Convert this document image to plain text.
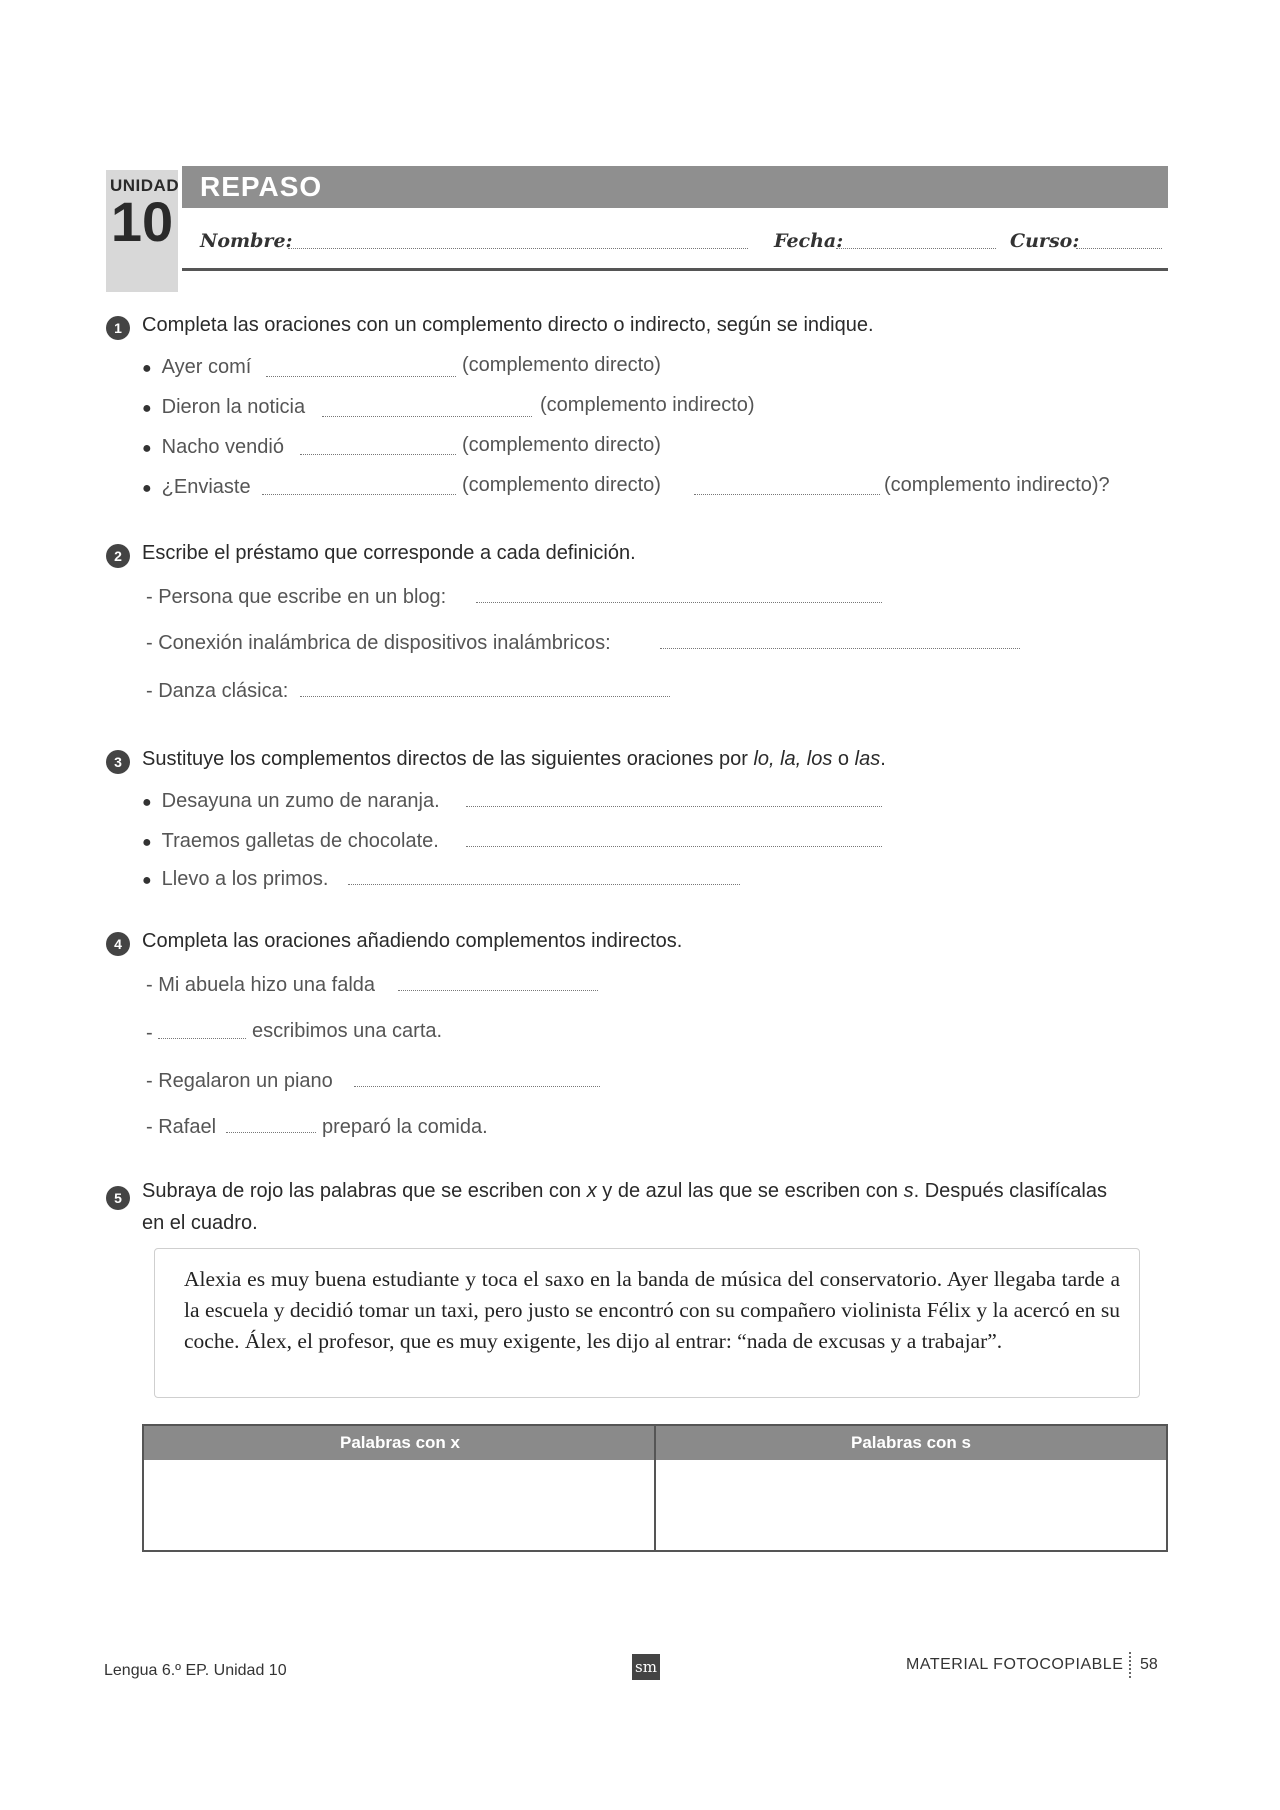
UNIDAD
10
REPASO
Nombre:	Fecha:	Curso:
1	Completa las oraciones con un complemento directo o indirecto, según se indique.
● Ayer comí	(complemento directo)
● Dieron la noticia	(complemento indirecto)
● Nacho vendió	(complemento directo)
● ¿Enviaste	(complemento directo)	(complemento indirecto)?
2	Escribe el préstamo que corresponde a cada definición.
- Persona que escribe en un blog:
- Conexión inalámbrica de dispositivos inalámbricos:
- Danza clásica:
3	Sustituye los complementos directos de las siguientes oraciones por lo, la, los o las.
● Desayuna un zumo de naranja.
● Traemos galletas de chocolate.
● Llevo a los primos.
4	Completa las oraciones añadiendo complementos indirectos.
- Mi abuela hizo una falda
-	escribimos una carta.
- Regalaron un piano
- Rafael	preparó la comida.
5	Subraya de rojo las palabras que se escriben con x y de azul las que se escriben con s. Después clasifícalas
en el cuadro.
Alexia es muy buena estudiante y toca el saxo en la banda de música del conservatorio. Ayer llegaba tarde a la escuela y decidió tomar un taxi, pero justo se encontró con su compañero violinista Félix y la acercó en su coche. Álex, el profesor, que es muy exigente, les dijo al entrar: “nada de excusas y a trabajar”.
Palabras con x	Palabras con s
Lengua 6.º EP. Unidad 10	sm	MATERIAL FOTOCOPIABLE 58
